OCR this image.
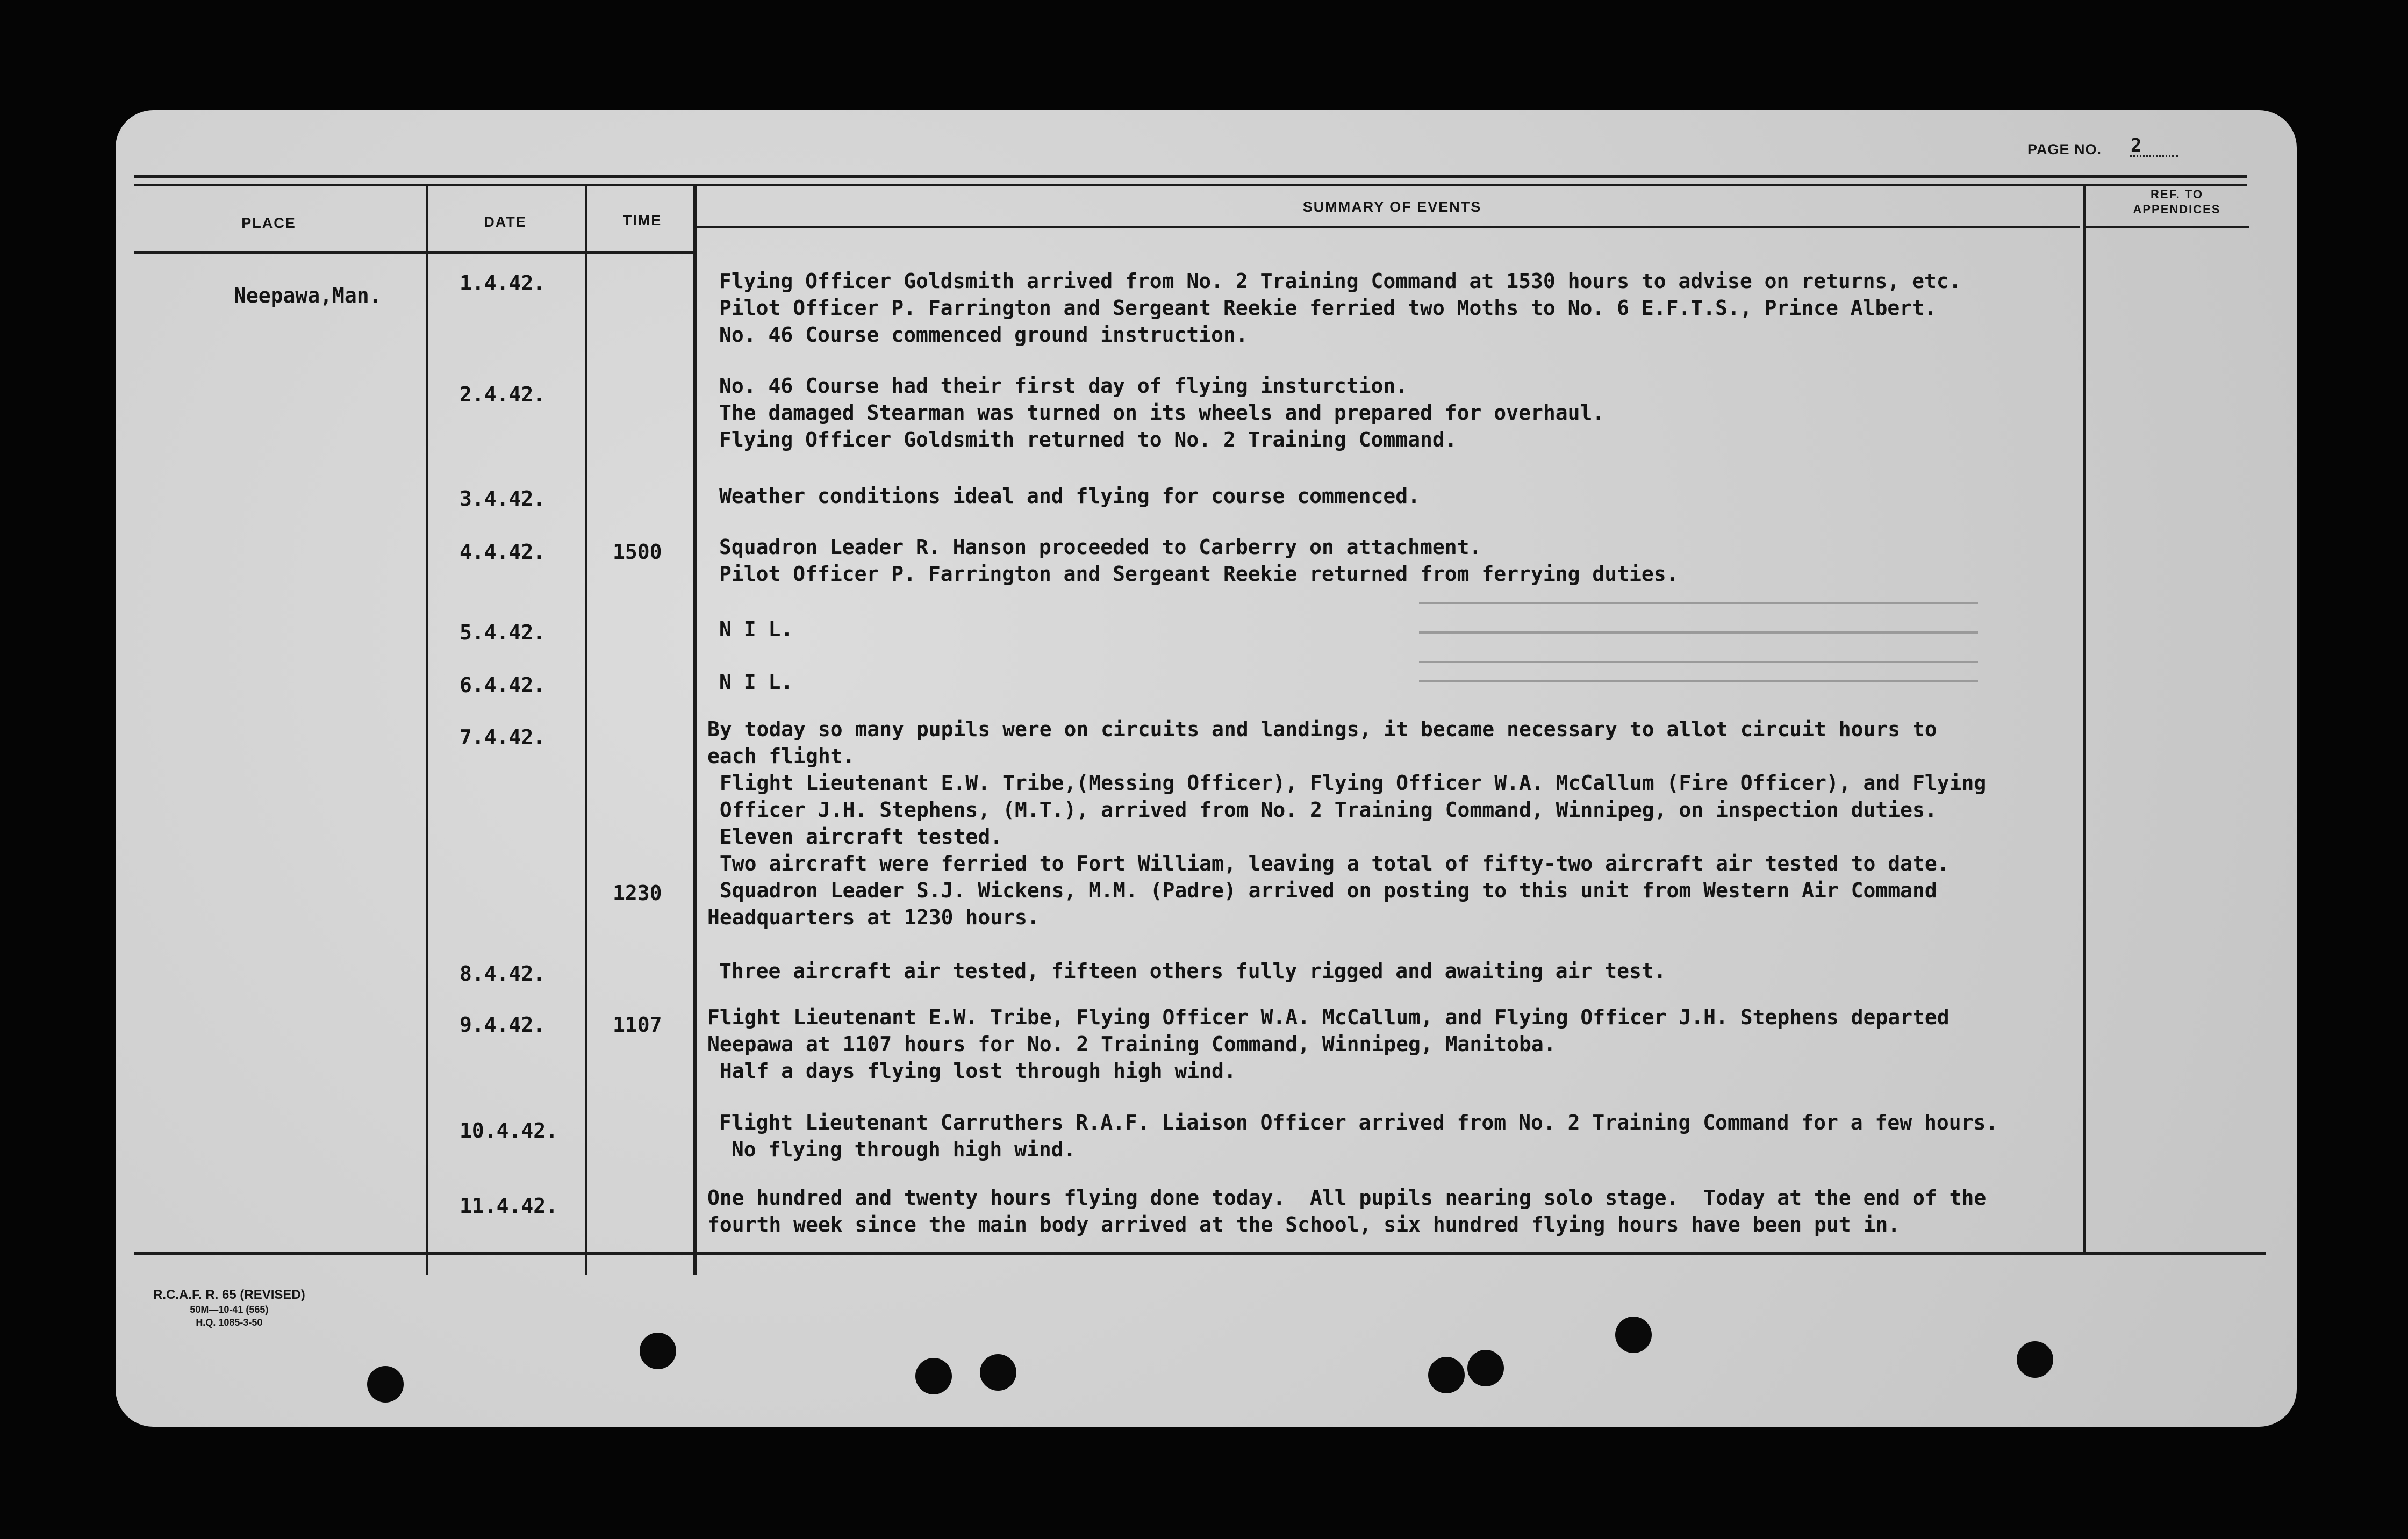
PAGE NO. 2
PLACE	DATE	TIME
SUMMARY OF EVENTS
REF. TO
APPENDICES
Neepawa,Man.
1.4.42.
2.4.42.
3.4.42.
4.4.42.
5.4.42.
6.4.42.
7.4.42.
8.4.42.
9.4.42.
10.4.42.
11.4.42.
1500
1230
1107
Flying Officer Goldsmith arrived from No. 2 Training Command at 1530 hours to advise on returns, etc.
Pilot Officer P. Farrington and Sergeant Reekie ferried two Moths to No. 6 E.F.T.S., Prince Albert.
No. 46 Course commenced ground instruction.
No. 46 Course had their first day of flying insturction.
The damaged Stearman was turned on its wheels and prepared for overhaul.
Flying Officer Goldsmith returned to No. 2 Training Command.
Weather conditions ideal and flying for course commenced.
Squadron Leader R. Hanson proceeded to Carberry on attachment.
Pilot Officer P. Farrington and Sergeant Reekie returned from ferrying duties.
N I L.
N I L.
By today so many pupils were on circuits and landings, it became necessary to allot circuit hours to
each flight.
Flight Lieutenant E.W. Tribe,(Messing Officer), Flying Officer W.A. McCallum (Fire Officer), and Flying
Officer J.H. Stephens, (M.T.), arrived from No. 2 Training Command, Winnipeg, on inspection duties.
Eleven aircraft tested.
Two aircraft were ferried to Fort William, leaving a total of fifty-two aircraft air tested to date.
Squadron Leader S.J. Wickens, M.M. (Padre) arrived on posting to this unit from Western Air Command
Headquarters at 1230 hours.
Three aircraft air tested, fifteen others fully rigged and awaiting air test.
Flight Lieutenant E.W. Tribe, Flying Officer W.A. McCallum, and Flying Officer J.H. Stephens departed
Neepawa at 1107 hours for No. 2 Training Command, Winnipeg, Manitoba.
Half a days flying lost through high wind.
Flight Lieutenant Carruthers R.A.F. Liaison Officer arrived from No. 2 Training Command for a few hours.
No flying through high wind.
One hundred and twenty hours flying done today.  All pupils nearing solo stage.  Today at the end of the
fourth week since the main body arrived at the School, six hundred flying hours have been put in.
R.C.A.F. R. 65 (REVISED)
50M—10-41 (565)
H.Q. 1085-3-50
